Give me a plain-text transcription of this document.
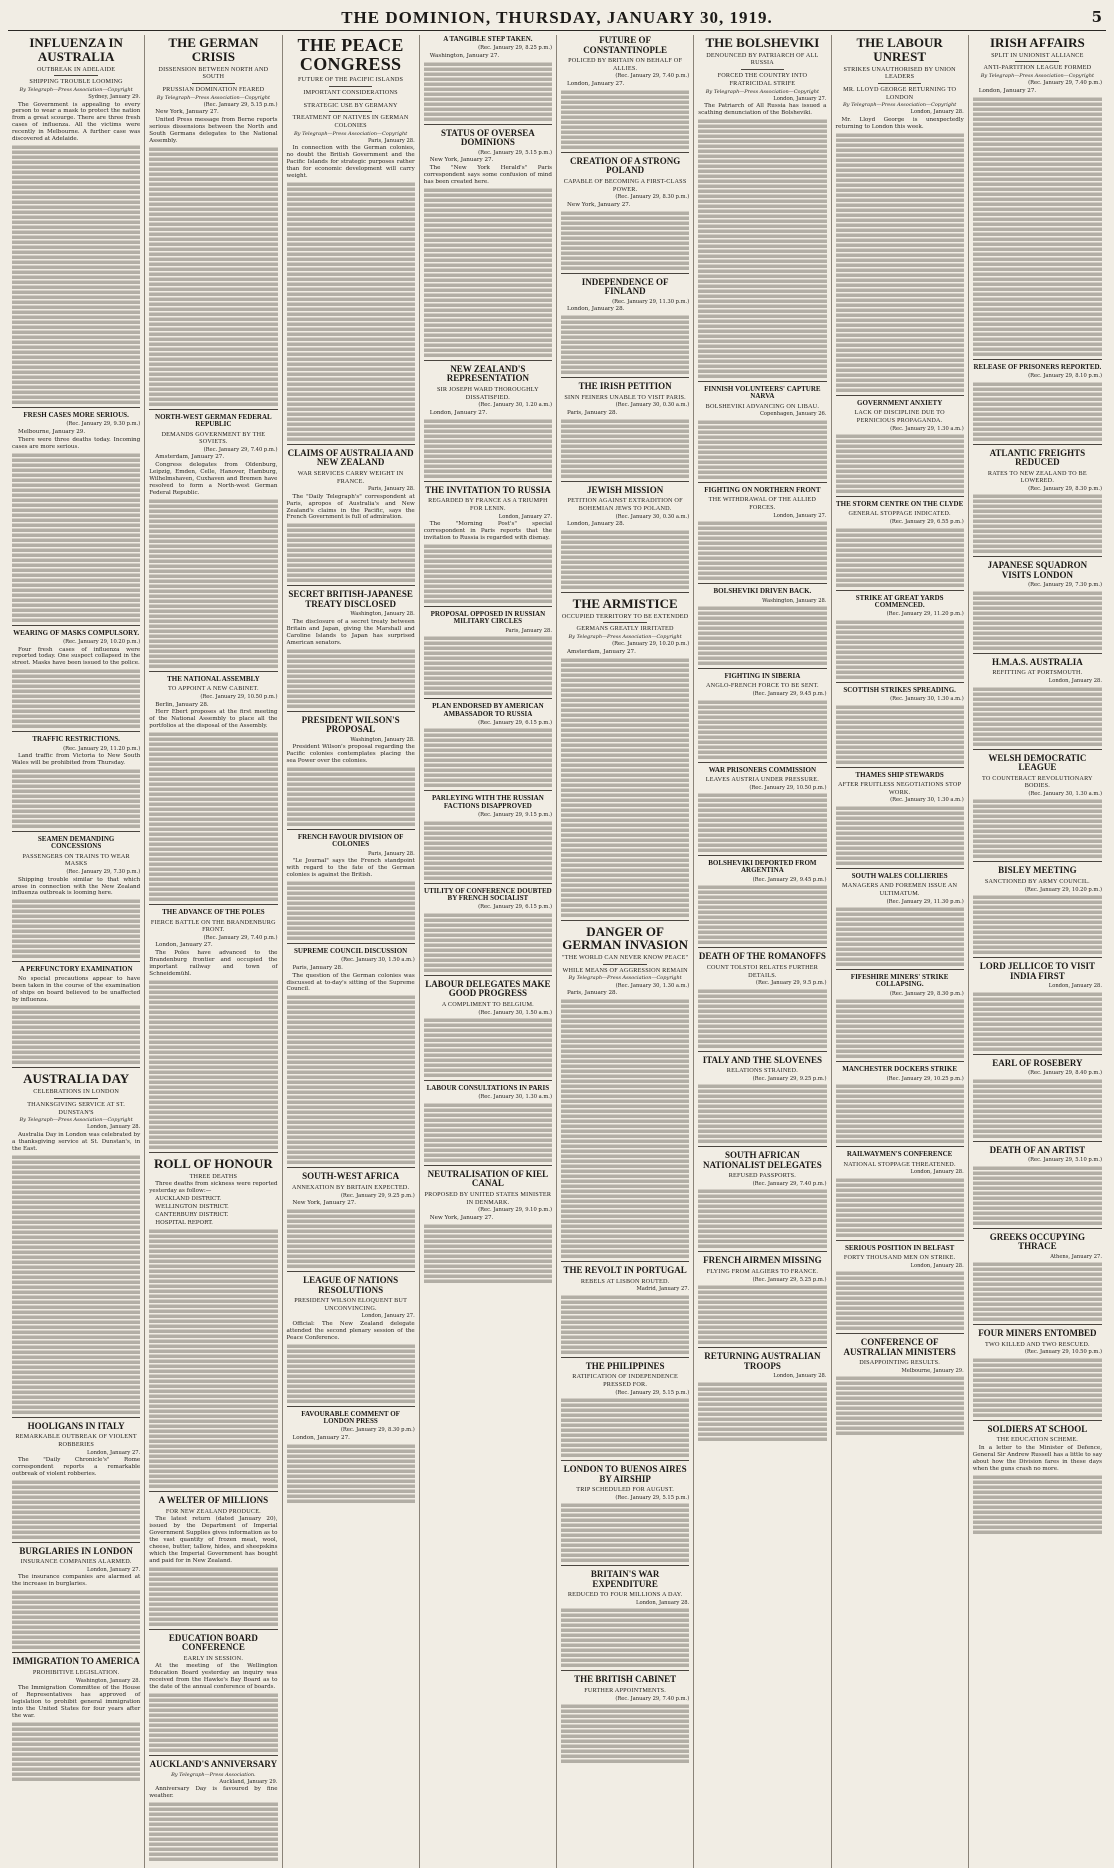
THE DOMINION, THURSDAY, JANUARY 30, 1919.	5
INFLUENZA IN AUSTRALIA
OUTBREAK IN ADELAIDE
SHIPPING TROUBLE LOOMING
By Telegraph—Press Association—Copyright
Sydney, January 29.

The Government is appealing to every person to wear a mask to protect the nation from a great scourge. There are three fresh cases of influenza. All the victims were recently in Melbourne. A further case was discovered at Adelaide.

FRESH CASES MORE SERIOUS.
(Rec. January 29, 9.30 p.m.)

Melbourne, January 29.

There were three deaths today. Incoming cases are more serious.

WEARING OF MASKS COMPULSORY.
(Rec. January 29, 10.20 p.m.)

Four fresh cases of influenza were reported today. One suspect collapsed in the street. Masks have been issued to the police.

TRAFFIC RESTRICTIONS.
(Rec. January 29, 11.20 p.m.)

Land traffic from Victoria to New South Wales will be prohibited from Thursday.

SEAMEN DEMANDING CONCESSIONS
PASSENGERS ON TRAINS TO WEAR MASKS
(Rec. January 29, 7.30 p.m.)

Shipping trouble similar to that which arose in connection with the New Zealand influenza outbreak is looming here.

A PERFUNCTORY EXAMINATION

No special precautions appear to have been taken in the course of the examination of ships on board believed to be unaffected by influenza.

AUSTRALIA DAY
CELEBRATIONS IN LONDON
THANKSGIVING SERVICE AT ST. DUNSTAN'S
By Telegraph—Press Association—Copyright
London, January 28.

Australia Day in London was celebrated by a thanksgiving service at St. Dunstan's, in the East.

HOOLIGANS IN ITALY
REMARKABLE OUTBREAK OF VIOLENT ROBBERIES
London, January 27.

The "Daily Chronicle's" Rome correspondent reports a remarkable outbreak of violent robberies.

BURGLARIES IN LONDON
INSURANCE COMPANIES ALARMED.
London, January 27.

The insurance companies are alarmed at the increase in burglaries.

IMMIGRATION TO AMERICA
PROHIBITIVE LEGISLATION.
Washington, January 28.

The Immigration Committee of the House of Representatives has approved of legislation to prohibit general immigration into the United States for four years after the war.

THE GERMAN CRISIS
DISSENSION BETWEEN NORTH AND SOUTH
PRUSSIAN DOMINATION FEARED
By Telegraph—Press Association—Copyright
(Rec. January 29, 5.15 p.m.)

New York, January 27.

United Press message from Berne reports serious dissensions between the North and South Germans delegates to the National Assembly.

NORTH-WEST GERMAN FEDERAL REPUBLIC
DEMANDS GOVERNMENT BY THE SOVIETS.
(Rec. January 29, 7.40 p.m.)

Amsterdam, January 27.

Congress delegates from Oldenburg, Leipzig, Emden, Celle, Hanover, Hamburg, Wilhelmshaven, Cuxhaven and Bremen have resolved to form a North-west German Federal Republic.

THE NATIONAL ASSEMBLY
TO APPOINT A NEW CABINET.
(Rec. January 29, 10.50 p.m.)

Berlin, January 28.

Herr Ebert proposes at the first meeting of the National Assembly to place all the portfolios at the disposal of the Assembly.

THE ADVANCE OF THE POLES
FIERCE BATTLE ON THE BRANDENBURG FRONT.
(Rec. January 29, 7.40 p.m.)

London, January 27.

The Poles have advanced to the Brandenburg frontier and occupied the important railway and town of Schneidemühl.

ROLL OF HONOUR
THREE DEATHS

Three deaths from sickness were reported yesterday as follow:—

AUCKLAND DISTRICT.

WELLINGTON DISTRICT.

CANTERBURY DISTRICT.

HOSPITAL REPORT.

A WELTER OF MILLIONS
FOR NEW ZEALAND PRODUCE.

The latest return (dated January 20), issued by the Department of Imperial Government Supplies gives information as to the vast quantity of frozen meat, wool, cheese, butter, tallow, hides, and sheepskins which the Imperial Government has bought and paid for in New Zealand.

EDUCATION BOARD CONFERENCE
EARLY IN SESSION.

At the meeting of the Wellington Education Board yesterday an inquiry was received from the Hawke's Bay Board as to the date of the annual conference of boards.

AUCKLAND'S ANNIVERSARY
By Telegraph—Press Association.
Auckland, January 29.

Anniversary Day is favoured by fine weather.

THE PEACE CONGRESS
FUTURE OF THE PACIFIC ISLANDS
IMPORTANT CONSIDERATIONS
STRATEGIC USE BY GERMANY
TREATMENT OF NATIVES IN GERMAN COLONIES
By Telegraph—Press Association—Copyright
Paris, January 28.

In connection with the German colonies, no doubt the British Government and the Pacific Islands for strategic purposes rather than for economic development will carry weight.

CLAIMS OF AUSTRALIA AND NEW ZEALAND
WAR SERVICES CARRY WEIGHT IN FRANCE.
Paris, January 28.

The "Daily Telegraph's" correspondent at Paris, apropos of Australia's and New Zealand's claims in the Pacific, says the French Government is full of admiration.

SECRET BRITISH-JAPANESE TREATY DISCLOSED
Washington, January 28.

The disclosure of a secret treaty between Britain and Japan, giving the Marshall and Caroline Islands to Japan has surprised American senators.

PRESIDENT WILSON'S PROPOSAL
Washington, January 28.

President Wilson's proposal regarding the Pacific colonies contemplates placing the sea Power over the colonies.

FRENCH FAVOUR DIVISION OF COLONIES
Paris, January 28.

"Le Journal" says the French standpoint with regard to the fate of the German colonies is against the British.

SUPREME COUNCIL DISCUSSION
(Rec. January 30, 1.50 a.m.)

Paris, January 28.

The question of the German colonies was discussed at to-day's sitting of the Supreme Council.

SOUTH-WEST AFRICA
ANNEXATION BY BRITAIN EXPECTED.
(Rec. January 29, 9.25 p.m.)

New York, January 27.

LEAGUE OF NATIONS RESOLUTIONS
PRESIDENT WILSON ELOQUENT BUT UNCONVINCING.
London, January 27.

Official: The New Zealand delegate attended the second plenary session of the Peace Conference.

FAVOURABLE COMMENT OF LONDON PRESS
(Rec. January 29, 8.30 p.m.)

London, January 27.

A TANGIBLE STEP TAKEN.
(Rec. January 29, 8.25 p.m.)

Washington, January 27.

STATUS OF OVERSEA DOMINIONS
(Rec. January 29, 5.15 p.m.)

New York, January 27.

The "New York Herald's" Paris correspondent says some confusion of mind has been created here.

NEW ZEALAND'S REPRESENTATION
SIR JOSEPH WARD THOROUGHLY DISSATISFIED.
(Rec. January 30, 1.20 a.m.)

London, January 27.

THE INVITATION TO RUSSIA
REGARDED BY FRANCE AS A TRIUMPH FOR LENIN.
London, January 27.

The "Morning Post's" special correspondent in Paris reports that the invitation to Russia is regarded with dismay.

PROPOSAL OPPOSED IN RUSSIAN MILITARY CIRCLES
Paris, January 28.
PLAN ENDORSED BY AMERICAN AMBASSADOR TO RUSSIA
(Rec. January 29, 6.15 p.m.)
PARLEYING WITH THE RUSSIAN FACTIONS DISAPPROVED
(Rec. January 29, 9.15 p.m.)
UTILITY OF CONFERENCE DOUBTED BY FRENCH SOCIALIST
(Rec. January 29, 6.15 p.m.)
LABOUR DELEGATES MAKE GOOD PROGRESS
A COMPLIMENT TO BELGIUM.
(Rec. January 30, 1.50 a.m.)
LABOUR CONSULTATIONS IN PARIS
(Rec. January 30, 1.30 a.m.)
NEUTRALISATION OF KIEL CANAL
PROPOSED BY UNITED STATES MINISTER IN DENMARK.
(Rec. January 29, 9.10 p.m.)

New York, January 27.

FUTURE OF CONSTANTINOPLE
POLICED BY BRITAIN ON BEHALF OF ALLIES.
(Rec. January 29, 7.40 p.m.)

London, January 27.

CREATION OF A STRONG POLAND
CAPABLE OF BECOMING A FIRST-CLASS POWER.
(Rec. January 29, 8.30 p.m.)

New York, January 27.

INDEPENDENCE OF FINLAND
(Rec. January 29, 11.30 p.m.)

London, January 28.

THE IRISH PETITION
SINN FEINERS UNABLE TO VISIT PARIS.
(Rec. January 30, 0.30 a.m.)

Paris, January 28.

JEWISH MISSION
PETITION AGAINST EXTRADITION OF BOHEMIAN JEWS TO POLAND.
(Rec. January 30, 0.30 a.m.)

London, January 28.

THE ARMISTICE
OCCUPIED TERRITORY TO BE EXTENDED
GERMANS GREATLY IRRITATED
By Telegraph—Press Association—Copyright
(Rec. January 29, 10.20 p.m.)

Amsterdam, January 27.

DANGER OF GERMAN INVASION
"THE WORLD CAN NEVER KNOW PEACE"
WHILE MEANS OF AGGRESSION REMAIN
By Telegraph—Press Association—Copyright
(Rec. January 30, 1.30 a.m.)

Paris, January 28.

THE REVOLT IN PORTUGAL
REBELS AT LISBON ROUTED.
Madrid, January 27.
THE PHILIPPINES
RATIFICATION OF INDEPENDENCE PRESSED FOR.
(Rec. January 29, 5.15 p.m.)
LONDON TO BUENOS AIRES BY AIRSHIP
TRIP SCHEDULED FOR AUGUST.
(Rec. January 29, 5.15 p.m.)
BRITAIN'S WAR EXPENDITURE
REDUCED TO FOUR MILLIONS A DAY.
London, January 28.
THE BRITISH CABINET
FURTHER APPOINTMENTS.
(Rec. January 29, 7.40 p.m.)
THE BOLSHEVIKI
DENOUNCED BY PATRIARCH OF ALL RUSSIA
FORCED THE COUNTRY INTO FRATRICIDAL STRIFE
By Telegraph—Press Association—Copyright
London, January 27.

The Patriarch of All Russia has issued a scathing denunciation of the Bolsheviki.

FINNISH VOLUNTEERS' CAPTURE NARVA
BOLSHEVIKI ADVANCING ON LIBAU.
Copenhagen, January 26.
FIGHTING ON NORTHERN FRONT
THE WITHDRAWAL OF THE ALLIED FORCES.
London, January 27.
BOLSHEVIKI DRIVEN BACK.
Washington, January 28.
FIGHTING IN SIBERIA
ANGLO-FRENCH FORCE TO BE SENT.
(Rec. January 29, 9.45 p.m.)
WAR PRISONERS COMMISSION
LEAVES AUSTRIA UNDER PRESSURE.
(Rec. January 29, 10.50 p.m.)
BOLSHEVIKI DEPORTED FROM ARGENTINA
(Rec. January 29, 9.45 p.m.)
DEATH OF THE ROMANOFFS
COUNT TOLSTOI RELATES FURTHER DETAILS.
(Rec. January 29, 9.5 p.m.)
ITALY AND THE SLOVENES
RELATIONS STRAINED.
(Rec. January 29, 9.25 p.m.)
SOUTH AFRICAN NATIONALIST DELEGATES
REFUSED PASSPORTS.
(Rec. January 29, 7.40 p.m.)
FRENCH AIRMEN MISSING
FLYING FROM ALGIERS TO FRANCE.
(Rec. January 29, 5.25 p.m.)
RETURNING AUSTRALIAN TROOPS
London, January 28.
THE LABOUR UNREST
STRIKES UNAUTHORISED BY UNION LEADERS
MR. LLOYD GEORGE RETURNING TO LONDON
By Telegraph—Press Association—Copyright
London, January 28.

Mr. Lloyd George is unexpectedly returning to London this week.

GOVERNMENT ANXIETY
LACK OF DISCIPLINE DUE TO PERNICIOUS PROPAGANDA.
(Rec. January 29, 1.30 a.m.)
THE STORM CENTRE ON THE CLYDE
GENERAL STOPPAGE INDICATED.
(Rec. January 29, 6.55 p.m.)
STRIKE AT GREAT YARDS COMMENCED.
(Rec. January 29, 11.20 p.m.)
SCOTTISH STRIKES SPREADING.
(Rec. January 30, 1.30 a.m.)
THAMES SHIP STEWARDS
AFTER FRUITLESS NEGOTIATIONS STOP WORK.
(Rec. January 30, 1.30 a.m.)
SOUTH WALES COLLIERIES
MANAGERS AND FOREMEN ISSUE AN ULTIMATUM.
(Rec. January 29, 11.30 p.m.)
FIFESHIRE MINERS' STRIKE COLLAPSING.
(Rec. January 29, 8.30 p.m.)
MANCHESTER DOCKERS STRIKE
(Rec. January 29, 10.25 p.m.)
RAILWAYMEN'S CONFERENCE
NATIONAL STOPPAGE THREATENED.
London, January 28.
SERIOUS POSITION IN BELFAST
FORTY THOUSAND MEN ON STRIKE.
London, January 28.
CONFERENCE OF AUSTRALIAN MINISTERS
DISAPPOINTING RESULTS.
Melbourne, January 29.
IRISH AFFAIRS
SPLIT IN UNIONIST ALLIANCE
ANTI-PARTITION LEAGUE FORMED
By Telegraph—Press Association—Copyright
(Rec. January 29, 7.40 p.m.)

London, January 27.

RELEASE OF PRISONERS REPORTED.
(Rec. January 29, 8.10 p.m.)
ATLANTIC FREIGHTS REDUCED
RATES TO NEW ZEALAND TO BE LOWERED.
(Rec. January 29, 8.30 p.m.)
JAPANESE SQUADRON VISITS LONDON
(Rec. January 29, 7.30 p.m.)
H.M.A.S. AUSTRALIA
REFITTING AT PORTSMOUTH.
London, January 28.
WELSH DEMOCRATIC LEAGUE
TO COUNTERACT REVOLUTIONARY BODIES.
(Rec. January 30, 1.30 a.m.)
BISLEY MEETING
SANCTIONED BY ARMY COUNCIL.
(Rec. January 29, 10.20 p.m.)
LORD JELLICOE TO VISIT INDIA FIRST
London, January 28.
EARL OF ROSEBERY
(Rec. January 29, 8.40 p.m.)
DEATH OF AN ARTIST
(Rec. January 29, 5.10 p.m.)
GREEKS OCCUPYING THRACE
Athens, January 27.
FOUR MINERS ENTOMBED
TWO KILLED AND TWO RESCUED.
(Rec. January 29, 10.50 p.m.)
SOLDIERS AT SCHOOL
THE EDUCATION SCHEME.

In a letter to the Minister of Defence, General Sir Andrew Russell has a little to say about how the Division fares in these days when the guns crash no more.
